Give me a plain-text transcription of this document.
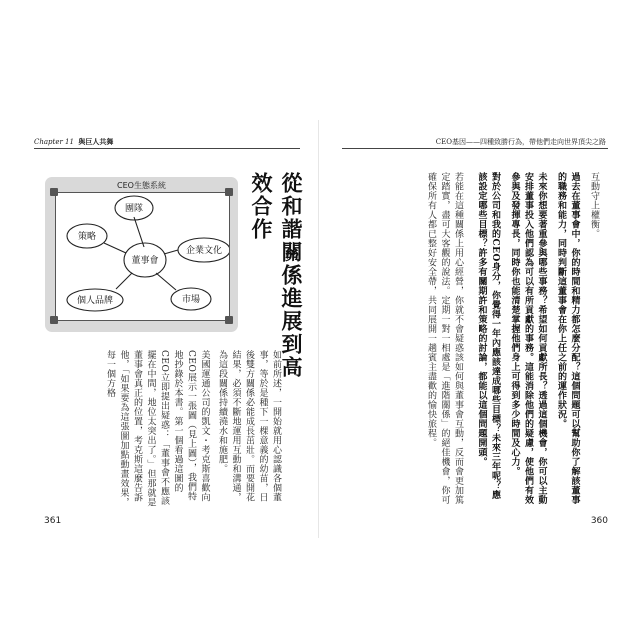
Chapter 11 與巨人共舞
CEO生態系統
董事會
團隊
企業文化
市場
個人品牌
策略	從和諧關係進展到高效合作

如前所述，一開始就用心認識各個董事，等於是種下一棵意義的幼苗，日後雙方關係必能成長茁壯。而要開花結果，必須不斷地運用互動和溝通，為這段關係持續澆水和施肥。

美國運通公司的凱文・考克斯喜歡向CEO展示一張圖（見上圖），我們特地抄錄於本書。第一個看過這圖的CEO立即提出疑惑：「董事會不應該擺在中間，地位太突出了。」但那就是董事會真正的位置，考克斯這麼告訴他，「如果要為這張圖加點動畫效果，每一個方格

361
CEO基因——四種致勝行為，帶他們走向世界頂尖之路

互動守上權衡。

過去在董事會中，你的時間和精力都怎麼分配？這個問題可以幫助你了解該董事的職務和能力，同時判斷這董事會在你上任之前的運作狀況。

未來你想要著重參與哪些事務？希望如何貢獻所長？透過這個機會，你可以主動安排董事投入他們認為可以有所貢獻的事務。這能消除他們的疑慮，使他們有效參與及發揮專長，同時你也能清楚掌握他們身上可得到多少時間及心力。

對於公司和我的CEO身分，你覺得一年內應該達成哪些目標？未來三年呢？應該設定哪些目標？許多有關期許和策略的討論，都能以這個問題開頭。

若能在這種關係上用心經營，你就不會疑惑該如何與董事會互動，反而會更加篤定踏實，盡可大客觀的說法。定期一對一相處是「進階關係」的絕佳機會，你可確保所有人都已整好安全帶，共同展開一趟賓主盡歡的愉快旅程。

360
